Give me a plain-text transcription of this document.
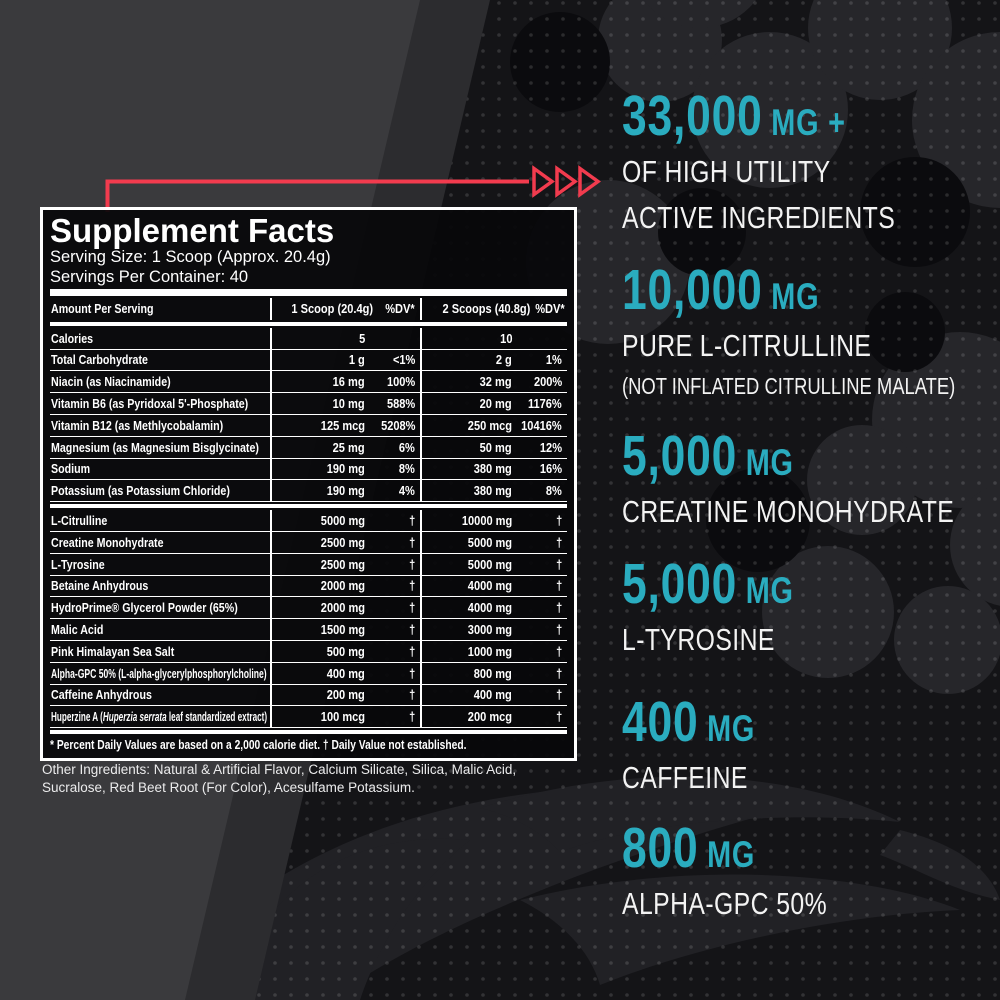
Supplement Facts
Serving Size: 1 Scoop (Approx. 20.4g)
Servings Per Container: 40
Amount Per Serving	1 Scoop (20.4g) %DV*	2 Scoops (40.8g) %DV*
Calories	5	10
Total Carbohydrate	1 g	<1%	2 g	1%
Niacin (as Niacinamide)	16 mg	100%	32 mg	200%
Vitamin B6 (as Pyridoxal 5'-Phosphate)	10 mg	588%	20 mg	1176%
Vitamin B12 (as Methlycobalamin)	125 mcg	5208%	250 mcg 10416%
Magnesium (as Magnesium Bisglycinate)	25 mg	6%	50 mg	12%
Sodium	190 mg	8%	380 mg	16%
Potassium (as Potassium Chloride)	190 mg	4%	380 mg	8%
L-Citrulline	5000 mg	†	10000 mg	†
Creatine Monohydrate	2500 mg	†	5000 mg	†
L-Tyrosine	2500 mg	†	5000 mg	†
Betaine Anhydrous	2000 mg	†	4000 mg	†
HydroPrime® Glycerol Powder (65%)	2000 mg	†	4000 mg	†
Malic Acid	1500 mg	†	3000 mg	†
Pink Himalayan Sea Salt	500 mg	†	1000 mg	†
Alpha-GPC 50% (L-alpha-glycerylphosphorylcholine)	400 mg	†	800 mg	†
Caffeine Anhydrous	200 mg	†	400 mg	†
Huperzine A (Huperzia serrata leaf standardized extract)	100 mcg	†	200 mcg	†
* Percent Daily Values are based on a 2,000 calorie diet. † Daily Value not established.

Other Ingredients: Natural & Artificial Flavor, Calcium Silicate, Silica, Malic Acid, Sucralose, Red Beet Root (For Color), Acesulfame Potassium.

33,000 MG +
OF HIGH UTILITY
ACTIVE INGREDIENTS
10,000 MG
PURE L-CITRULLINE
(NOT INFLATED CITRULLINE MALATE)
5,000 MG
CREATINE MONOHYDRATE
5,000 MG
L-TYROSINE
400 MG
CAFFEINE
800 MG
ALPHA-GPC 50%
